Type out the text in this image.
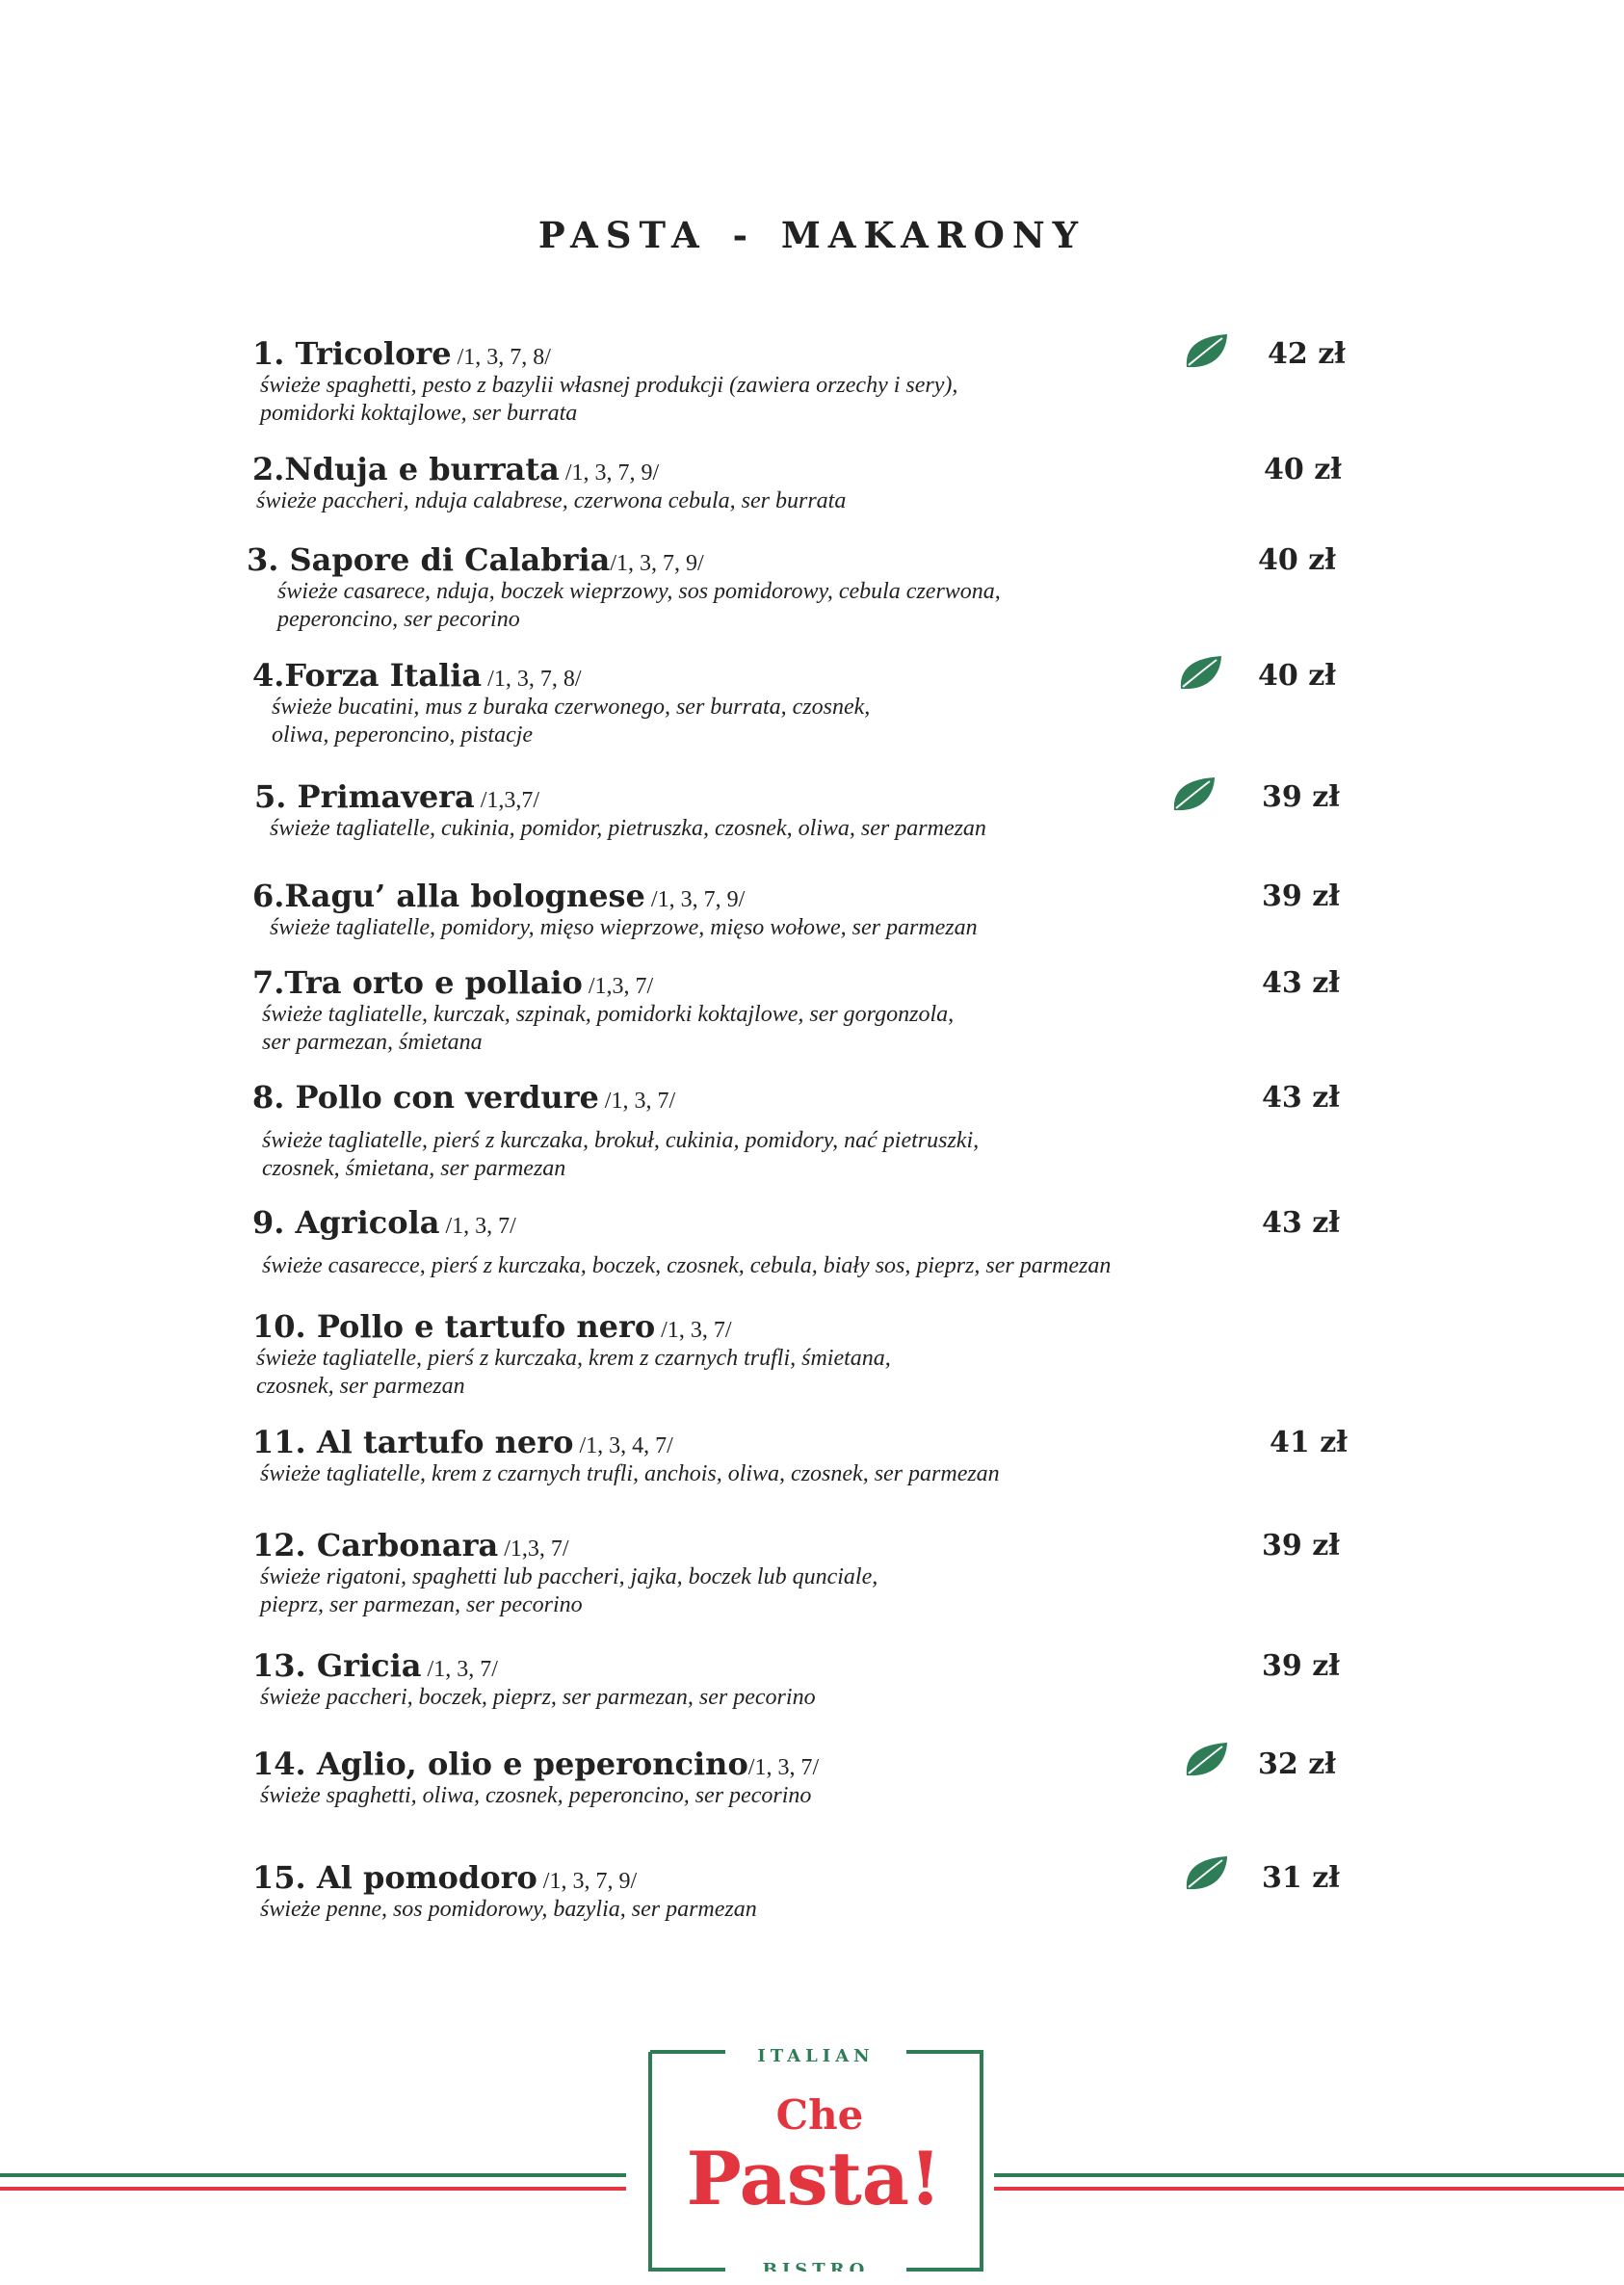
PASTA - MAKARONY
1. Tricolore /1, 3, 7, 8/
świeże spaghetti, pesto z bazylii własnej produkcji (zawiera orzechy i sery),
pomidorki koktajlowe, ser burrata
42 zł
2.Nduja e burrata /1, 3, 7, 9/
świeże paccheri, nduja calabrese, czerwona cebula, ser burrata
40 zł
3. Sapore di Calabria/1, 3, 7, 9/
świeże casarece, nduja, boczek wieprzowy, sos pomidorowy, cebula czerwona,
peperoncino, ser pecorino
40 zł
4.Forza Italia /1, 3, 7, 8/
świeże bucatini, mus z buraka czerwonego, ser burrata, czosnek,
oliwa, peperoncino, pistacje
40 zł
5. Primavera /1,3,7/
świeże tagliatelle, cukinia, pomidor, pietruszka, czosnek, oliwa, ser parmezan
39 zł
6.Ragu’ alla bolognese /1, 3, 7, 9/
świeże tagliatelle, pomidory, mięso wieprzowe, mięso wołowe, ser parmezan
39 zł
7.Tra orto e pollaio /1,3, 7/
świeże tagliatelle, kurczak, szpinak, pomidorki koktajlowe, ser gorgonzola,
ser parmezan, śmietana
43 zł
8. Pollo con verdure /1, 3, 7/
świeże tagliatelle, pierś z kurczaka, brokuł, cukinia, pomidory, nać pietruszki,
czosnek, śmietana, ser parmezan
43 zł
9. Agricola /1, 3, 7/
świeże casarecce, pierś z kurczaka, boczek, czosnek, cebula, biały sos, pieprz, ser parmezan
43 zł
10. Pollo e tartufo nero /1, 3, 7/
świeże tagliatelle, pierś z kurczaka, krem z czarnych trufli, śmietana,
czosnek, ser parmezan
11. Al tartufo nero /1, 3, 4, 7/
świeże tagliatelle, krem z czarnych trufli, anchois, oliwa, czosnek, ser parmezan
41 zł
12. Carbonara /1,3, 7/
świeże rigatoni, spaghetti lub paccheri, jajka, boczek lub qunciale,
pieprz, ser parmezan, ser pecorino
39 zł
13. Gricia /1, 3, 7/
świeże paccheri, boczek, pieprz, ser parmezan, ser pecorino
39 zł
14. Aglio, olio e peperoncino/1, 3, 7/
świeże spaghetti, oliwa, czosnek, peperoncino, ser pecorino
32 zł
15. Al pomodoro /1, 3, 7, 9/
świeże penne, sos pomidorowy, bazylia, ser parmezan
31 zł
ITALIAN
Che
Pasta!
BISTRO
